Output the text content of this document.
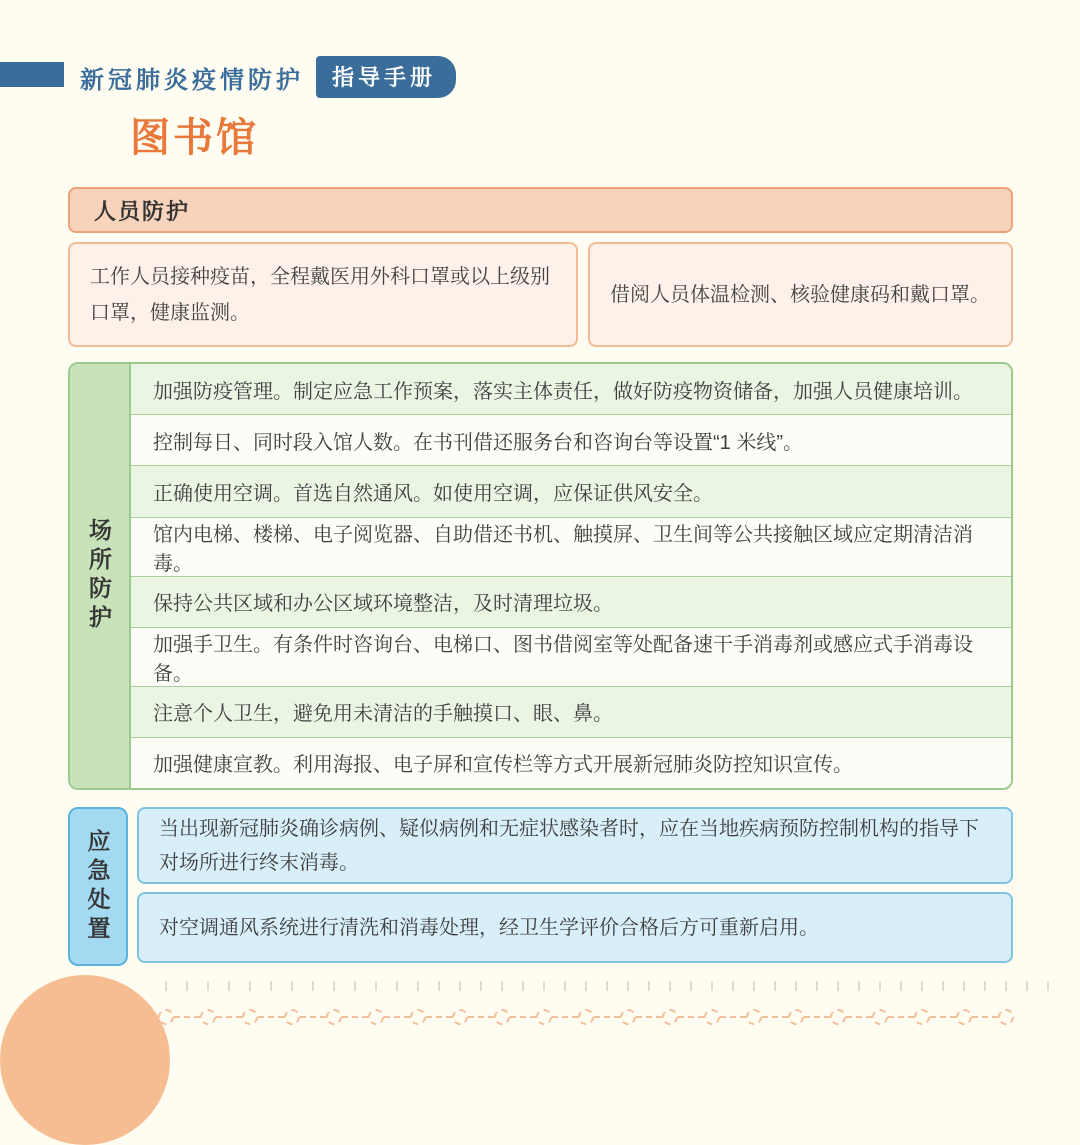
新冠肺炎疫情防护	指导手册
图书馆
人员防护

工作人员接种疫苗，全程戴医用外科口罩或以上级别口罩，健康监测。

借阅人员体温检测、核验健康码和戴口罩。

场所防护
加强防疫管理。制定应急工作预案，落实主体责任，做好防疫物资储备，加强人员健康培训。
控制每日、同时段入馆人数。在书刊借还服务台和咨询台等设置“1 米线”。
正确使用空调。首选自然通风。如使用空调，应保证供风安全。
馆内电梯、楼梯、电子阅览器、自助借还书机、触摸屏、卫生间等公共接触区域应定期清洁消毒。
保持公共区域和办公区域环境整洁，及时清理垃圾。
加强手卫生。有条件时咨询台、电梯口、图书借阅室等处配备速干手消毒剂或感应式手消毒设备。
注意个人卫生，避免用未清洁的手触摸口、眼、鼻。
加强健康宣教。利用海报、电子屏和宣传栏等方式开展新冠肺炎防控知识宣传。
应急处置 当出现新冠肺炎确诊病例、疑似病例和无症状感染者时，应在当地疾病预防控制机构的指导下对场所进行终末消毒。

对空调通风系统进行清洗和消毒处理，经卫生学评价合格后方可重新启用。
